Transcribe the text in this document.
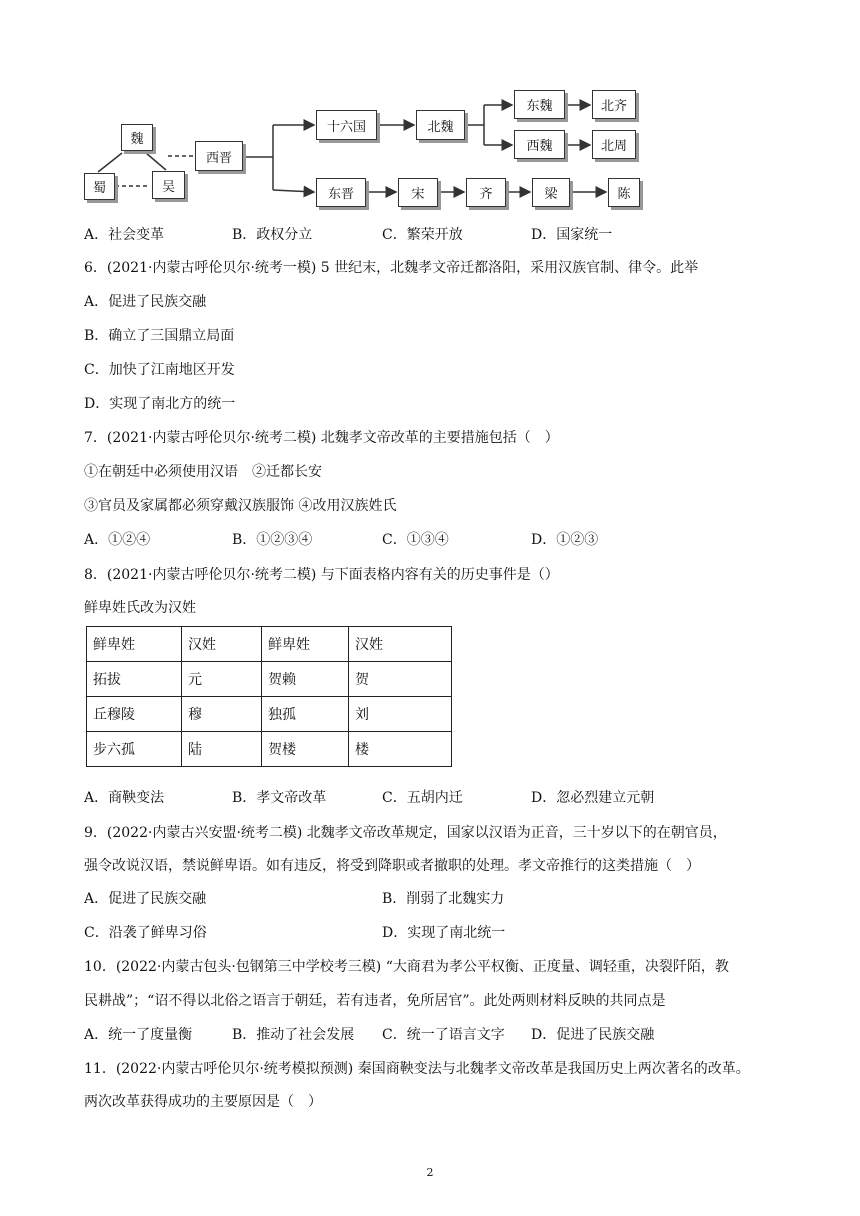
魏
蜀	吴
西晋
十六国	北魏
东魏
西魏
北齐
北周
东晋	宋	齐	梁	陈
A．社会变革	B．政权分立	C．繁荣开放	D．国家统一
6．(2021·内蒙古呼伦贝尔·统考一模) 5 世纪末，北魏孝文帝迁都洛阳，采用汉族官制、律令。此举
A．促进了民族交融
B．确立了三国鼎立局面
C．加快了江南地区开发
D．实现了南北方的统一
7．(2021·内蒙古呼伦贝尔·统考二模) 北魏孝文帝改革的主要措施包括（　）
①在朝廷中必须使用汉语　②迁都长安
③官员及家属都必须穿戴汉族服饰 ④改用汉族姓氏
A．①②④	B．①②③④	C．①③④	D．①②③
8．(2021·内蒙古呼伦贝尔·统考二模) 与下面表格内容有关的历史事件是（）
鲜卑姓氏改为汉姓
鲜卑姓	汉姓	鲜卑姓	汉姓
拓拔	元	贺赖	贺
丘穆陵	穆	独孤	刘
步六孤	陆	贺楼	楼
A．商鞅变法	B．孝文帝改革	C．五胡内迁	D．忽必烈建立元朝
9．(2022·内蒙古兴安盟·统考二模) 北魏孝文帝改革规定，国家以汉语为正音，三十岁以下的在朝官员，
强令改说汉语，禁说鲜卑语。如有违反，将受到降职或者撤职的处理。孝文帝推行的这类措施（　）
A．促进了民族交融	B．削弱了北魏实力
C．沿袭了鲜卑习俗	D．实现了南北统一
10．(2022·内蒙古包头·包钢第三中学校考三模) “大商君为孝公平权衡、正度量、调轻重，决裂阡陌，教
民耕战”；“诏不得以北俗之语言于朝廷，若有违者，免所居官”。此处两则材料反映的共同点是
A．统一了度量衡	B．推动了社会发展 C．统一了语言文字 D．促进了民族交融
11．(2022·内蒙古呼伦贝尔·统考模拟预测) 秦国商鞅变法与北魏孝文帝改革是我国历史上两次著名的改革。
两次改革获得成功的主要原因是（　）
2
